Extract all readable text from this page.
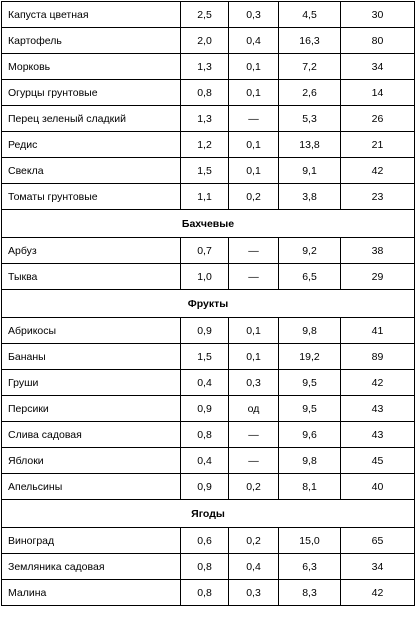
Капуста цветная	2,5	0,3	4,5	30
Картофель	2,0	0,4	16,3	80
Морковь	1,3	0,1	7,2	34
Огурцы грунтовые	0,8	0,1	2,6	14
Перец зеленый сладкий	1,3	—	5,3	26
Редис	1,2	0,1	13,8	21
Свекла	1,5	0,1	9,1	42
Томаты грунтовые	1,1	0,2	3,8	23
Бахчевые				
Арбуз	0,7	—	9,2	38
Тыква	1,0	—	6,5	29
Фрукты				
Абрикосы	0,9	0,1	9,8	41
Бананы	1,5	0,1	19,2	89
Груши	0,4	0,3	9,5	42
Персики	0,9	од	9,5	43
Слива садовая	0,8	—	9,6	43
Яблоки	0,4	—	9,8	45
Апельсины	0,9	0,2	8,1	40
Ягоды				
Виноград	0,6	0,2	15,0	65
Земляника садовая	0,8	0,4	6,3	34
Малина	0,8	0,3	8,3	42
